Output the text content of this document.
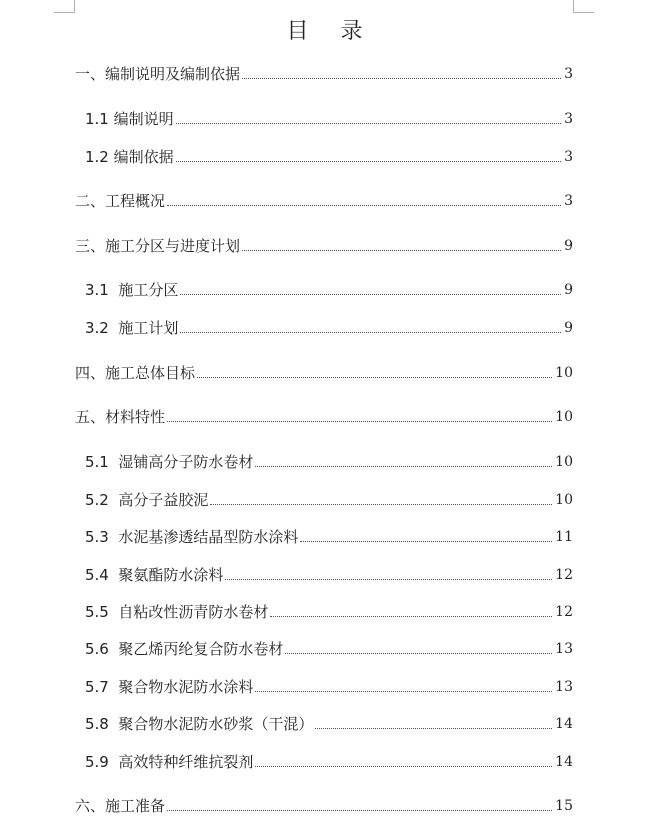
目录
一、 编制说明及编制依据	3
1.1 编制说明	3
1.2 编制依据	3
二、 工程概况	3
三、 施工分区与进度计划	9
3.1 施工分区	9
3.2 施工计划	9
四、 施工总体目标	10
五、 材料特性	10
5.1 湿铺高分子防水卷材	10
5.2 高分子益胶泥	10
5.3 水泥基渗透结晶型防水涂料	11
5.4 聚氨酯防水涂料	12
5.5 自粘改性沥青防水卷材	12
5.6 聚乙烯丙纶复合防水卷材	13
5.7 聚合物水泥防水涂料	13
5.8 聚合物水泥防水砂浆（干混）	14
5.9 高效特种纤维抗裂剂	14
六、 施工准备	15
